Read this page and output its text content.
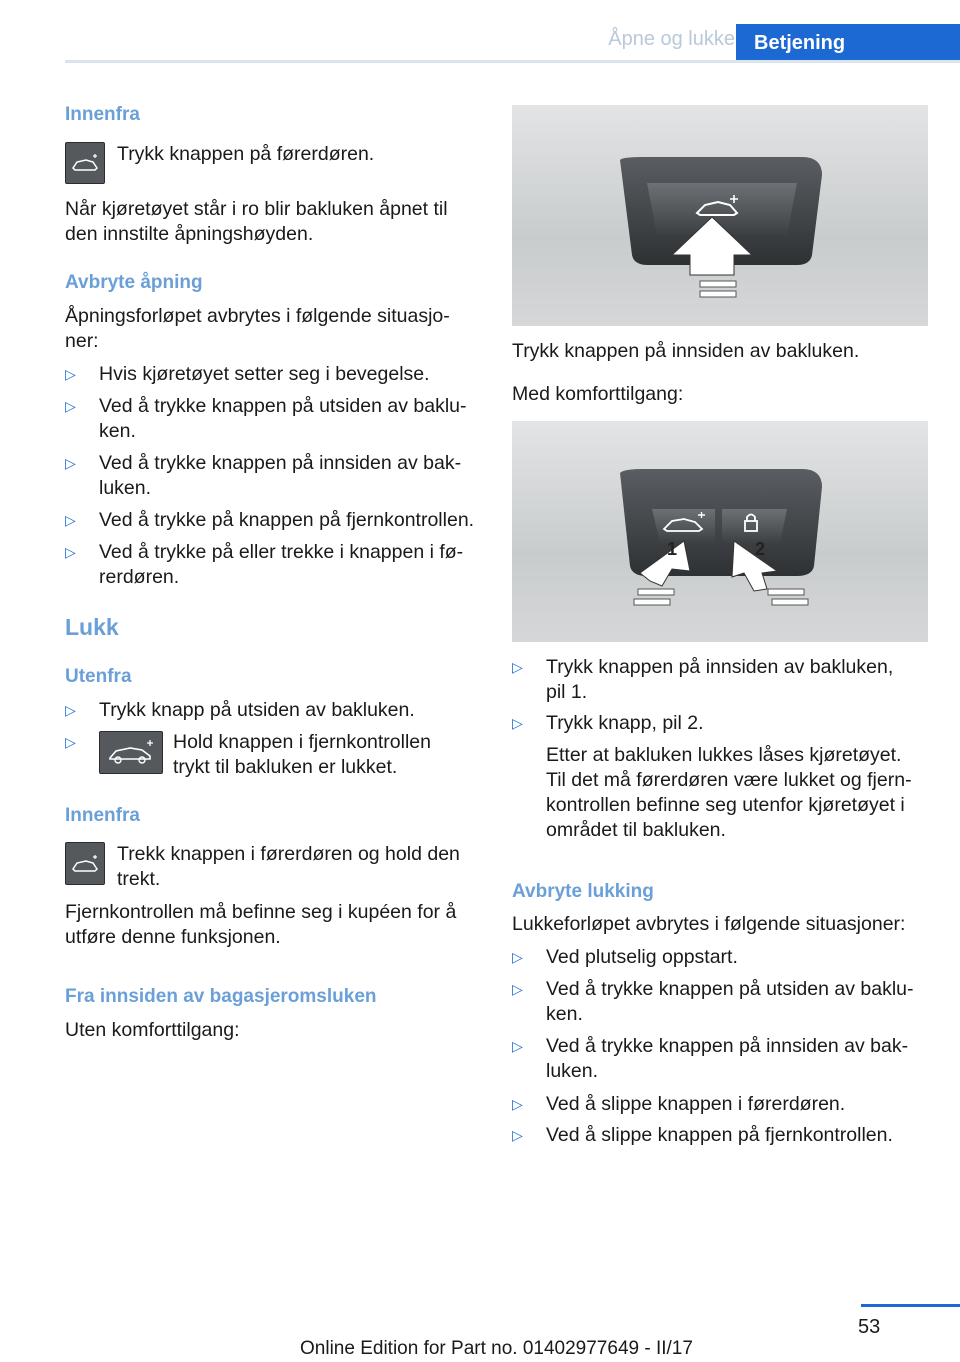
Åpne og lukke Betjening
Innenfra
Trykk knappen på førerdøren.
Når kjøretøyet står i ro blir bakluken åpnet til
den innstilte åpningshøyden.
Avbryte åpning
Åpningsforløpet avbrytes i følgende situasjo-
ner:
▷ Hvis kjøretøyet setter seg i bevegelse.
▷ Ved å trykke knappen på utsiden av baklu-
ken.
▷ Ved å trykke knappen på innsiden av bak-
luken.
▷ Ved å trykke på knappen på fjernkontrollen.
▷ Ved å trykke på eller trekke i knappen i fø-
rerdøren.
Lukk
Utenfra
▷ Trykk knapp på utsiden av bakluken.
▷	Hold knappen i fjernkontrollen
trykt til bakluken er lukket.
Innenfra
Trekk knappen i førerdøren og hold den
trekt.
Fjernkontrollen må befinne seg i kupéen for å
utføre denne funksjonen.
Fra innsiden av bagasjeromsluken
Uten komforttilgang:
Trykk knappen på innsiden av bakluken.
Med komforttilgang:
1	2
▷ Trykk knappen på innsiden av bakluken,
pil 1.
▷ Trykk knapp, pil 2.
Etter at bakluken lukkes låses kjøretøyet.
Til det må førerdøren være lukket og fjern-
kontrollen befinne seg utenfor kjøretøyet i
området til bakluken.
Avbryte lukking
Lukkeforløpet avbrytes i følgende situasjoner:
▷ Ved plutselig oppstart.
▷ Ved å trykke knappen på utsiden av baklu-
ken.
▷ Ved å trykke knappen på innsiden av bak-
luken.
▷ Ved å slippe knappen i førerdøren.
▷ Ved å slippe knappen på fjernkontrollen.
53
Online Edition for Part no. 01402977649 - II/17
